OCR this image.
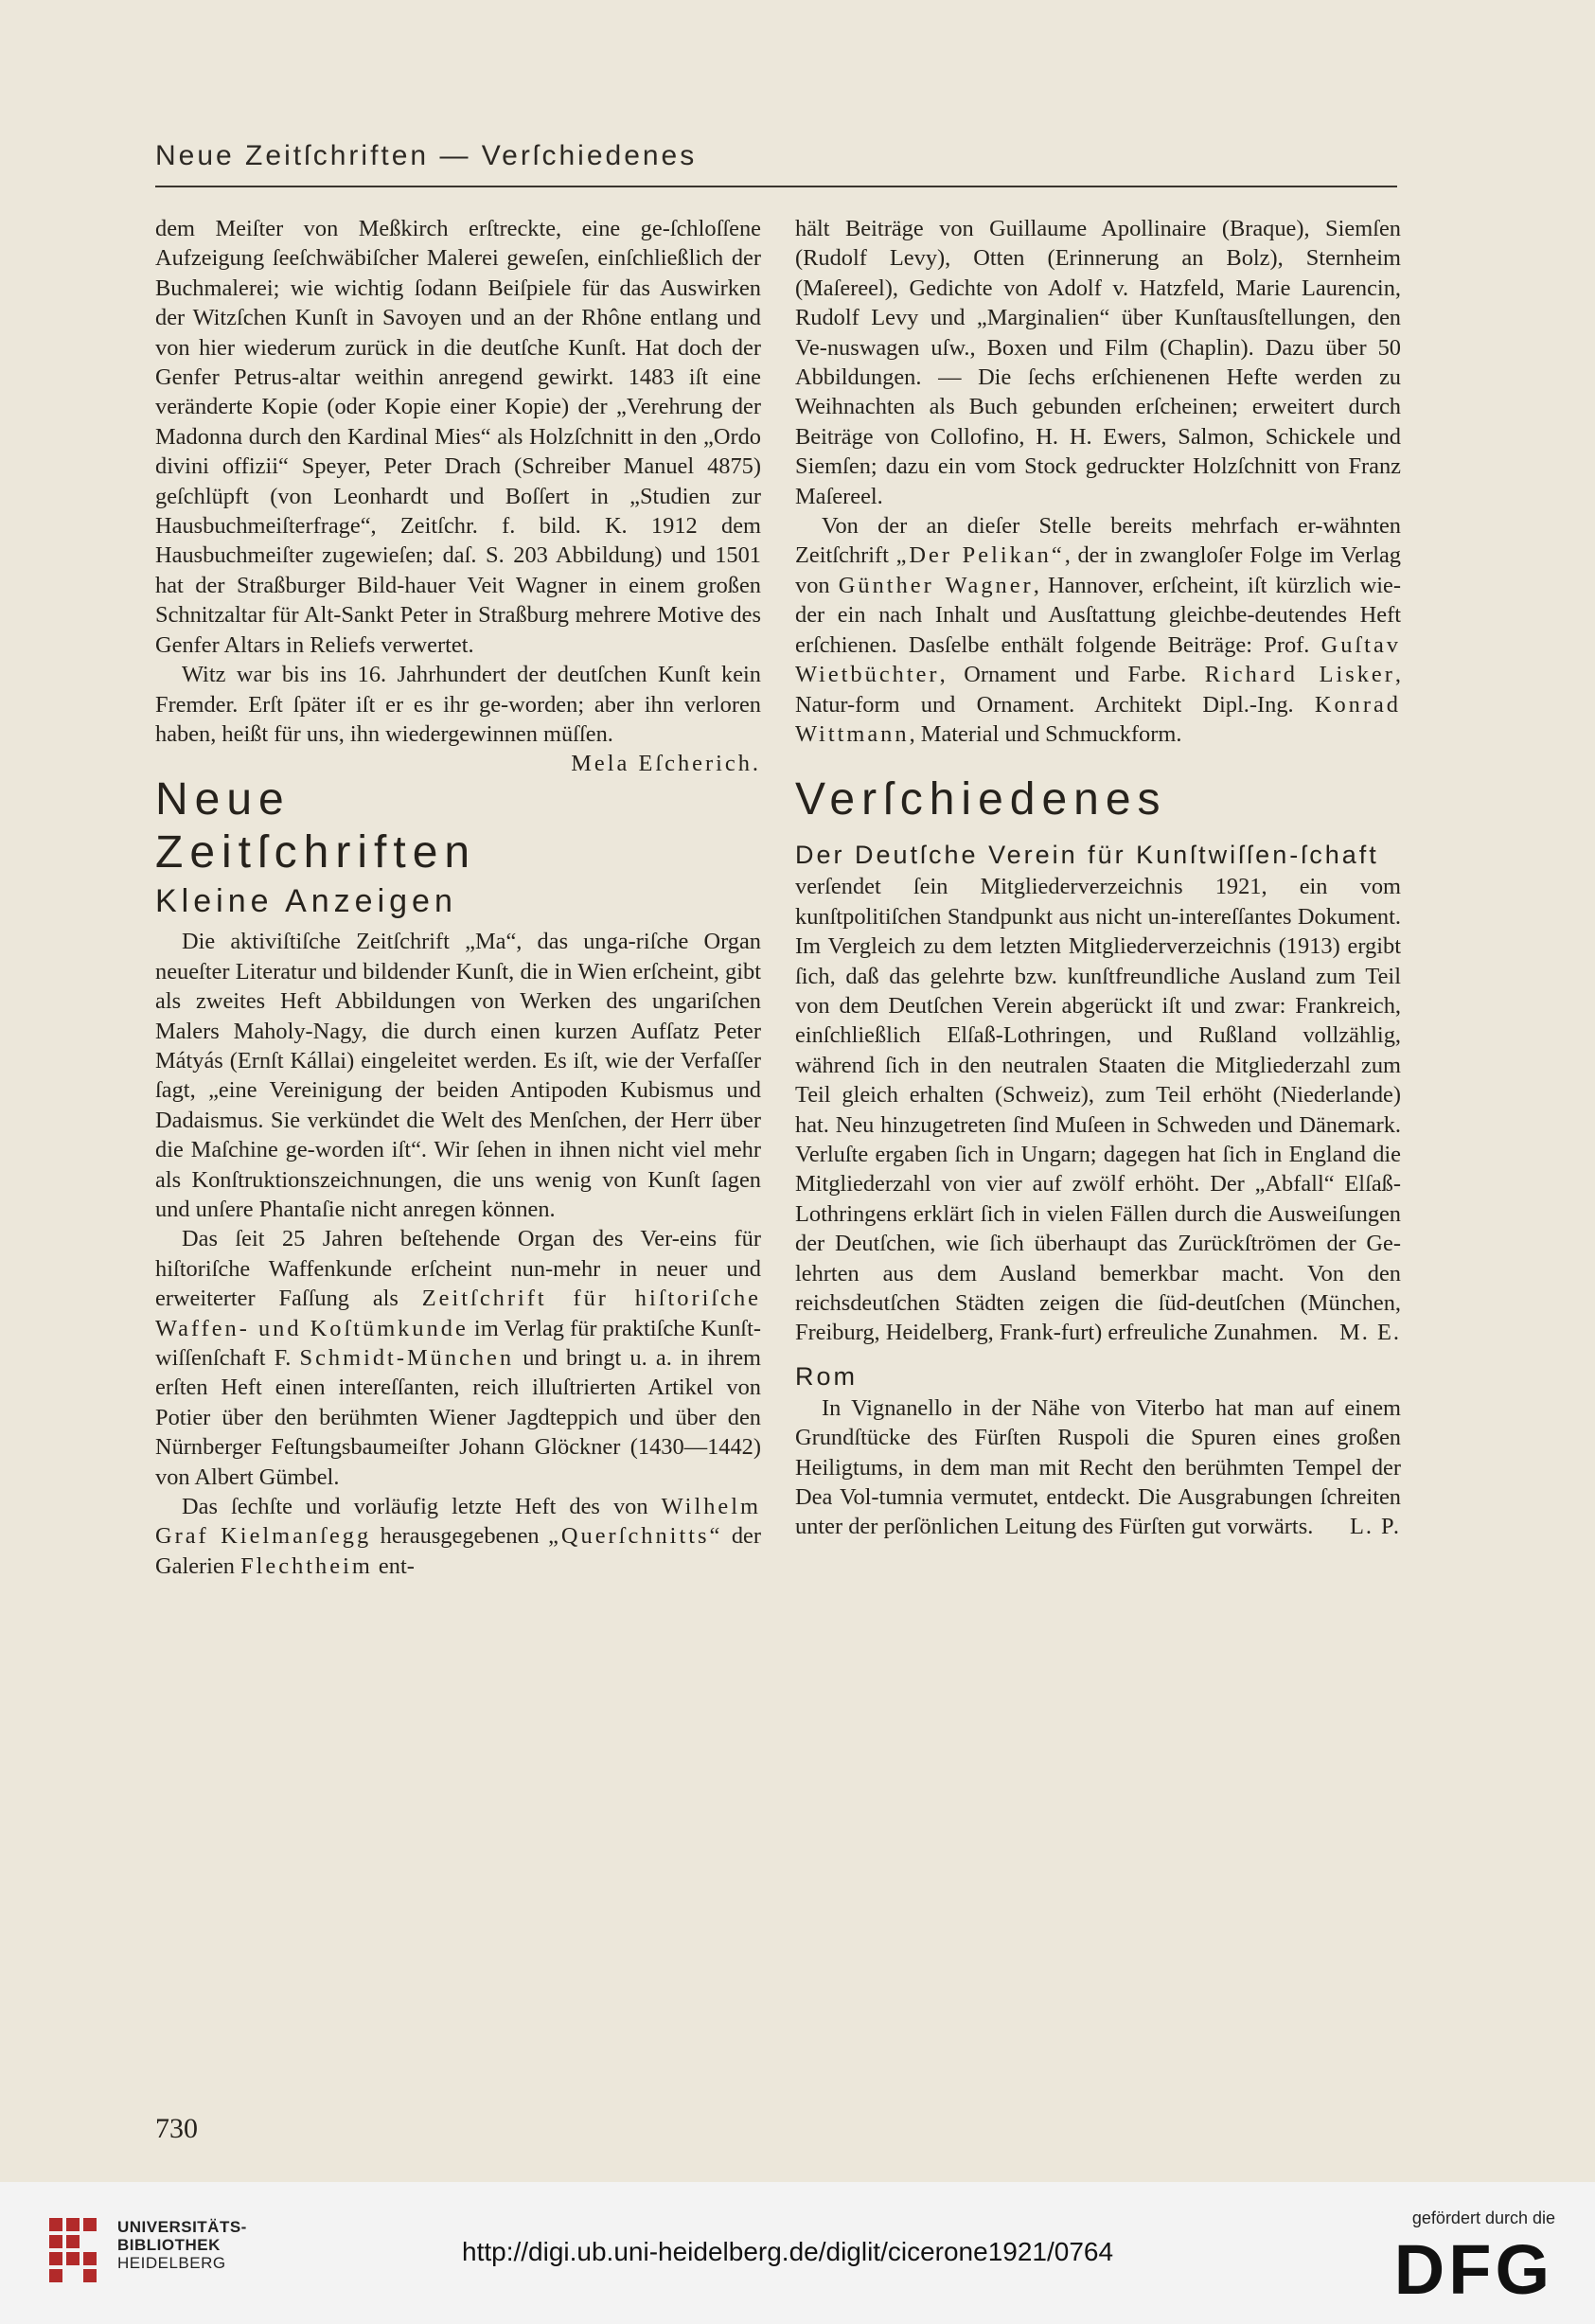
Neue Zeitſchriften — Verſchiedenes

dem Meiſter von Meßkirch erſtreckte, eine ge-ſchloſſene Aufzeigung ſeeſchwäbiſcher Malerei geweſen, einſchließlich der Buchmalerei; wie wichtig ſodann Beiſpiele für das Auswirken der Witzſchen Kunſt in Savoyen und an der Rhône entlang und von hier wiederum zurück in die deutſche Kunſt. Hat doch der Genfer Petrus-altar weithin anregend gewirkt. 1483 iſt eine veränderte Kopie (oder Kopie einer Kopie) der „Verehrung der Madonna durch den Kardinal Mies“ als Holzſchnitt in den „Ordo divini offizii“ Speyer, Peter Drach (Schreiber Manuel 4875) geſchlüpft (von Leonhardt und Boſſert in „Studien zur Hausbuchmeiſterfrage“, Zeitſchr. f. bild. K. 1912 dem Hausbuchmeiſter zugewieſen; daſ. S. 203 Abbildung) und 1501 hat der Straßburger Bild-hauer Veit Wagner in einem großen Schnitzaltar für Alt-Sankt Peter in Straßburg mehrere Motive des Genfer Altars in Reliefs verwertet.

Witz war bis ins 16. Jahrhundert der deutſchen Kunſt kein Fremder. Erſt ſpäter iſt er es ihr ge-worden; aber ihn verloren haben, heißt für uns, ihn wiedergewinnen müſſen.
Mela Eſcherich.

Neue Zeitſchriften
Kleine Anzeigen

Die aktiviſtiſche Zeitſchrift „Ma“, das unga-riſche Organ neueſter Literatur und bildender Kunſt, die in Wien erſcheint, gibt als zweites Heft Abbildungen von Werken des ungariſchen Malers Maholy-Nagy, die durch einen kurzen Aufſatz Peter Mátyás (Ernſt Kállai) eingeleitet werden. Es iſt, wie der Verfaſſer ſagt, „eine Vereinigung der beiden Antipoden Kubismus und Dadaismus. Sie verkündet die Welt des Menſchen, der Herr über die Maſchine ge-worden iſt“. Wir ſehen in ihnen nicht viel mehr als Konſtruktionszeichnungen, die uns wenig von Kunſt ſagen und unſere Phantaſie nicht anregen können.

Das ſeit 25 Jahren beſtehende Organ des Ver-eins für hiſtoriſche Waffenkunde erſcheint nun-mehr in neuer und erweiterter Faſſung als Zeitſchrift für hiſtoriſche Waffen- und Koſtümkunde im Verlag für praktiſche Kunſt-wiſſenſchaft F. Schmidt-München und bringt u. a. in ihrem erſten Heft einen intereſſanten, reich illuſtrierten Artikel von Potier über den berühmten Wiener Jagdteppich und über den Nürnberger Feſtungsbaumeiſter Johann Glöckner (1430—1442) von Albert Gümbel.

Das ſechſte und vorläufig letzte Heft des von Wilhelm Graf Kielmanſegg herausgegebenen „Querſchnitts“ der Galerien Flechtheim ent-

hält Beiträge von Guillaume Apollinaire (Braque), Siemſen (Rudolf Levy), Otten (Erinnerung an Bolz), Sternheim (Maſereel), Gedichte von Adolf v. Hatzfeld, Marie Laurencin, Rudolf Levy und „Marginalien“ über Kunſtausſtellungen, den Ve-nuswagen uſw., Boxen und Film (Chaplin). Dazu über 50 Abbildungen. — Die ſechs erſchienenen Hefte werden zu Weihnachten als Buch gebunden erſcheinen; erweitert durch Beiträge von Collofino, H. H. Ewers, Salmon, Schickele und Siemſen; dazu ein vom Stock gedruckter Holzſchnitt von Franz Maſereel.

Von der an dieſer Stelle bereits mehrfach er-wähnten Zeitſchrift „Der Pelikan“, der in zwangloſer Folge im Verlag von Günther Wagner, Hannover, erſcheint, iſt kürzlich wie-der ein nach Inhalt und Ausſtattung gleichbe-deutendes Heft erſchienen. Dasſelbe enthält folgende Beiträge: Prof. Guſtav Wietbüchter, Ornament und Farbe. Richard Lisker, Natur-form und Ornament. Architekt Dipl.-Ing. Konrad Wittmann, Material und Schmuckform.

Verſchiedenes
Der Deutſche Verein für Kunſtwiſſen-ſchaft

verſendet ſein Mitgliederverzeichnis 1921, ein vom kunſtpolitiſchen Standpunkt aus nicht un-intereſſantes Dokument. Im Vergleich zu dem letzten Mitgliederverzeichnis (1913) ergibt ſich, daß das gelehrte bzw. kunſtfreundliche Ausland zum Teil von dem Deutſchen Verein abgerückt iſt und zwar: Frankreich, einſchließlich Elſaß-Lothringen, und Rußland vollzählig, während ſich in den neutralen Staaten die Mitgliederzahl zum Teil gleich erhalten (Schweiz), zum Teil erhöht (Niederlande) hat. Neu hinzugetreten ſind Muſeen in Schweden und Dänemark. Verluſte ergaben ſich in Ungarn; dagegen hat ſich in England die Mitgliederzahl von vier auf zwölf erhöht. Der „Abfall“ Elſaß-Lothringens erklärt ſich in vielen Fällen durch die Ausweiſungen der Deutſchen, wie ſich überhaupt das Zurückſtrömen der Ge-lehrten aus dem Ausland bemerkbar macht. Von den reichsdeutſchen Städten zeigen die ſüd-deutſchen (München, Freiburg, Heidelberg, Frank-furt) erfreuliche Zunahmen. M. E.

Rom

In Vignanello in der Nähe von Viterbo hat man auf einem Grundſtücke des Fürſten Ruspoli die Spuren eines großen Heiligtums, in dem man mit Recht den berühmten Tempel der Dea Vol-tumnia vermutet, entdeckt. Die Ausgrabungen ſchreiten unter der perſönlichen Leitung des Fürſten gut vorwärts.	L. P.

730
UNIVERSITÄTS-
BIBLIOTHEK
HEIDELBERG	http://digi.ub.uni-heidelberg.de/diglit/cicerone1921/0764
gefördert durch die
DFG
